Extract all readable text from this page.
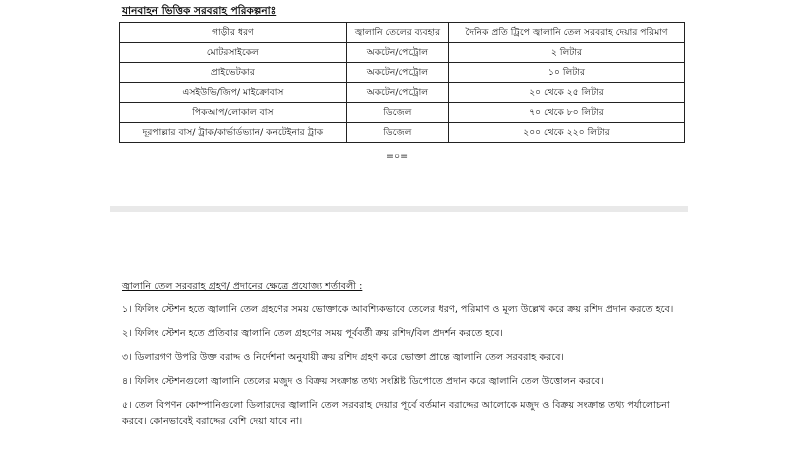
যানবাহন ভিত্তিক সরবরাহ পরিকল্পনাঃ
গাড়ীর ধরণ	জ্বালানি তেলের ব্যবহার	দৈনিক প্রতি ট্রিপে জ্বালানি তেল সরবরাহ দেয়ার পরিমাণ
মোটরসাইকেল	অকটেন/পেট্রোল	২ লিটার
প্রাইভেটকার	অকটেন/পেট্রোল	১০ লিটার
এসইউভি/জিপ/ মাইক্রোবাস	অকটেন/পেট্রোল	২০ থেকে ২৫ লিটার
পিকআপ/লোকাল বাস	ডিজেল	৭০ থেকে ৮০ লিটার
দূরপাল্লার বাস/ ট্রাক/কার্ভার্ডভ্যান/ কনটেইনার ট্রাক	ডিজেল	২০০ থেকে ২২০ লিটার
=০=
জ্বালানি তেল সরবরাহ গ্রহণ/ প্রদানের ক্ষেত্রে প্রযোজ্য শর্তাবলী :

১। ফিলিং স্টেশন হতে জ্বালানি তেল গ্রহণের সময় ভোক্তাকে আবশ্যিকভাবে তেলের ধরণ, পরিমাণ ও মূল্য উল্লেখ করে ক্রয় রশিদ প্রদান করতে হবে।

২। ফিলিং স্টেশন হতে প্রতিবার জ্বালানি তেল গ্রহণের সময় পূর্ববর্তী ক্রয় রশিদ/বিল প্রদর্শন করতে হবে।

৩। ডিলারগণ উপরি উক্ত বরাদ্দ ও নির্দেশনা অনুযায়ী ক্রয় রশিদ গ্রহণ করে ভোক্তা প্রান্তে জ্বালানি তেল সরবরাহ করবে।

৪। ফিলিং স্টেশনগুলো জ্বালানি তেলের মজুদ ও বিক্রয় সংক্রান্ত তথ্য সংশ্লিষ্ট ডিপোতে প্রদান করে জ্বালানি তেল উত্তোলন করবে।

৫। তেল বিপণন কোম্পানিগুলো ডিলারদের জ্বালানি তেল সরবরাহ দেয়ার পূর্বে বর্তমান বরাদ্দের আলোকে মজুদ ও বিক্রয় সংক্রান্ত তথ্য পর্যালোচনা করবে। কোনভাবেই বরাদ্দের বেশি দেয়া যাবে না।
